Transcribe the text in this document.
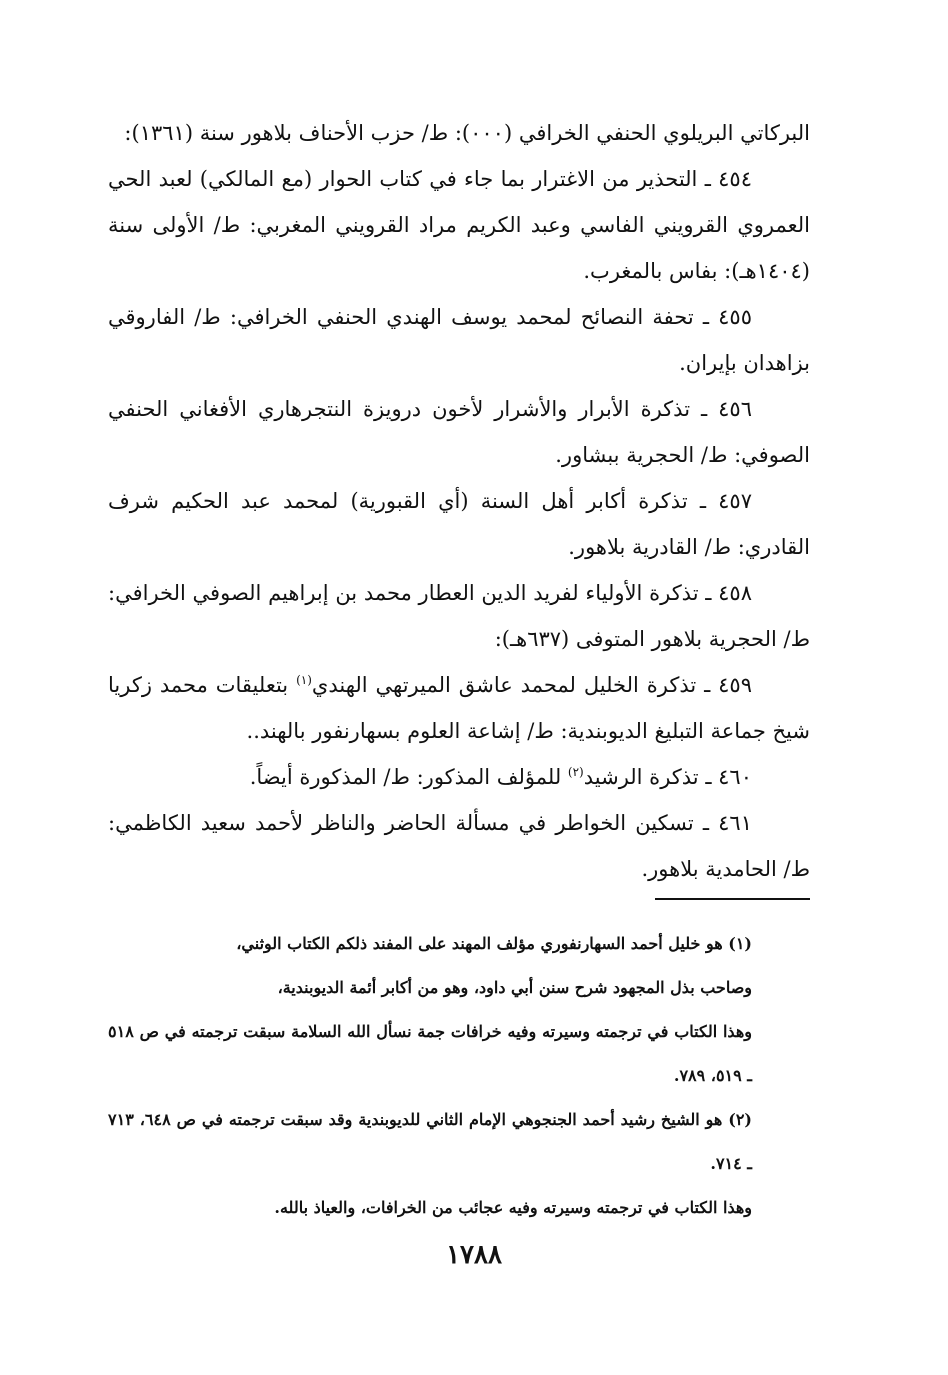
البركاتي البريلوي الحنفي الخرافي (٠٠٠): ط/ حزب الأحناف بلاهور سنة (١٣٦١):

٤٥٤ ـ التحذير من الاغترار بما جاء في كتاب الحوار (مع المالكي) لعبد الحي العمروي القرويني الفاسي وعبد الكريم مراد القرويني المغربي: ط/ الأولى سنة (١٤٠٤هـ): بفاس بالمغرب.

٤٥٥ ـ تحفة النصائح لمحمد يوسف الهندي الحنفي الخرافي: ط/ الفاروقي بزاهدان بإيران.

٤٥٦ ـ تذكرة الأبرار والأشرار لأخون درويزة النتجرهاري الأفغاني الحنفي الصوفي: ط/ الحجرية ببشاور.

٤٥٧ ـ تذكرة أكابر أهل السنة (أي القبورية) لمحمد عبد الحكيم شرف القادري: ط/ القادرية بلاهور.

٤٥٨ ـ تذكرة الأولياء لفريد الدين العطار محمد بن إبراهيم الصوفي الخرافي: ط/ الحجرية بلاهور المتوفى (٦٣٧هـ):

٤٥٩ ـ تذكرة الخليل لمحمد عاشق الميرتهي الهندي$^{(١)}$ بتعليقات محمد زكريا شيخ جماعة التبليغ الديوبندية: ط/ إشاعة العلوم بسهارنفور بالهند..

٤٦٠ ـ تذكرة الرشيد$^{(٢)}$ للمؤلف المذكور: ط/ المذكورة أيضاً.

٤٦١ ـ تسكين الخواطر في مسألة الحاضر والناظر لأحمد سعيد الكاظمي: ط/ الحامدية بلاهور.

(١) هو خليل أحمد السهارنفوري مؤلف المهند على المفند ذلكم الكتاب الوثني،

وصاحب بذل المجهود شرح سنن أبي داود، وهو من أكابر أئمة الديوبندية،

وهذا الكتاب في ترجمته وسيرته وفيه خرافات جمة نسأل الله السلامة سبقت ترجمته في ص ٥١٨ ـ ٥١٩، ٧٨٩.

(٢) هو الشيخ رشيد أحمد الجنجوهي الإمام الثاني للديوبندية وقد سبقت ترجمته في ص ٦٤٨، ٧١٣ ـ ٧١٤.

وهذا الكتاب في ترجمته وسيرته وفيه عجائب من الخرافات، والعياذ بالله.

١٧٨٨
